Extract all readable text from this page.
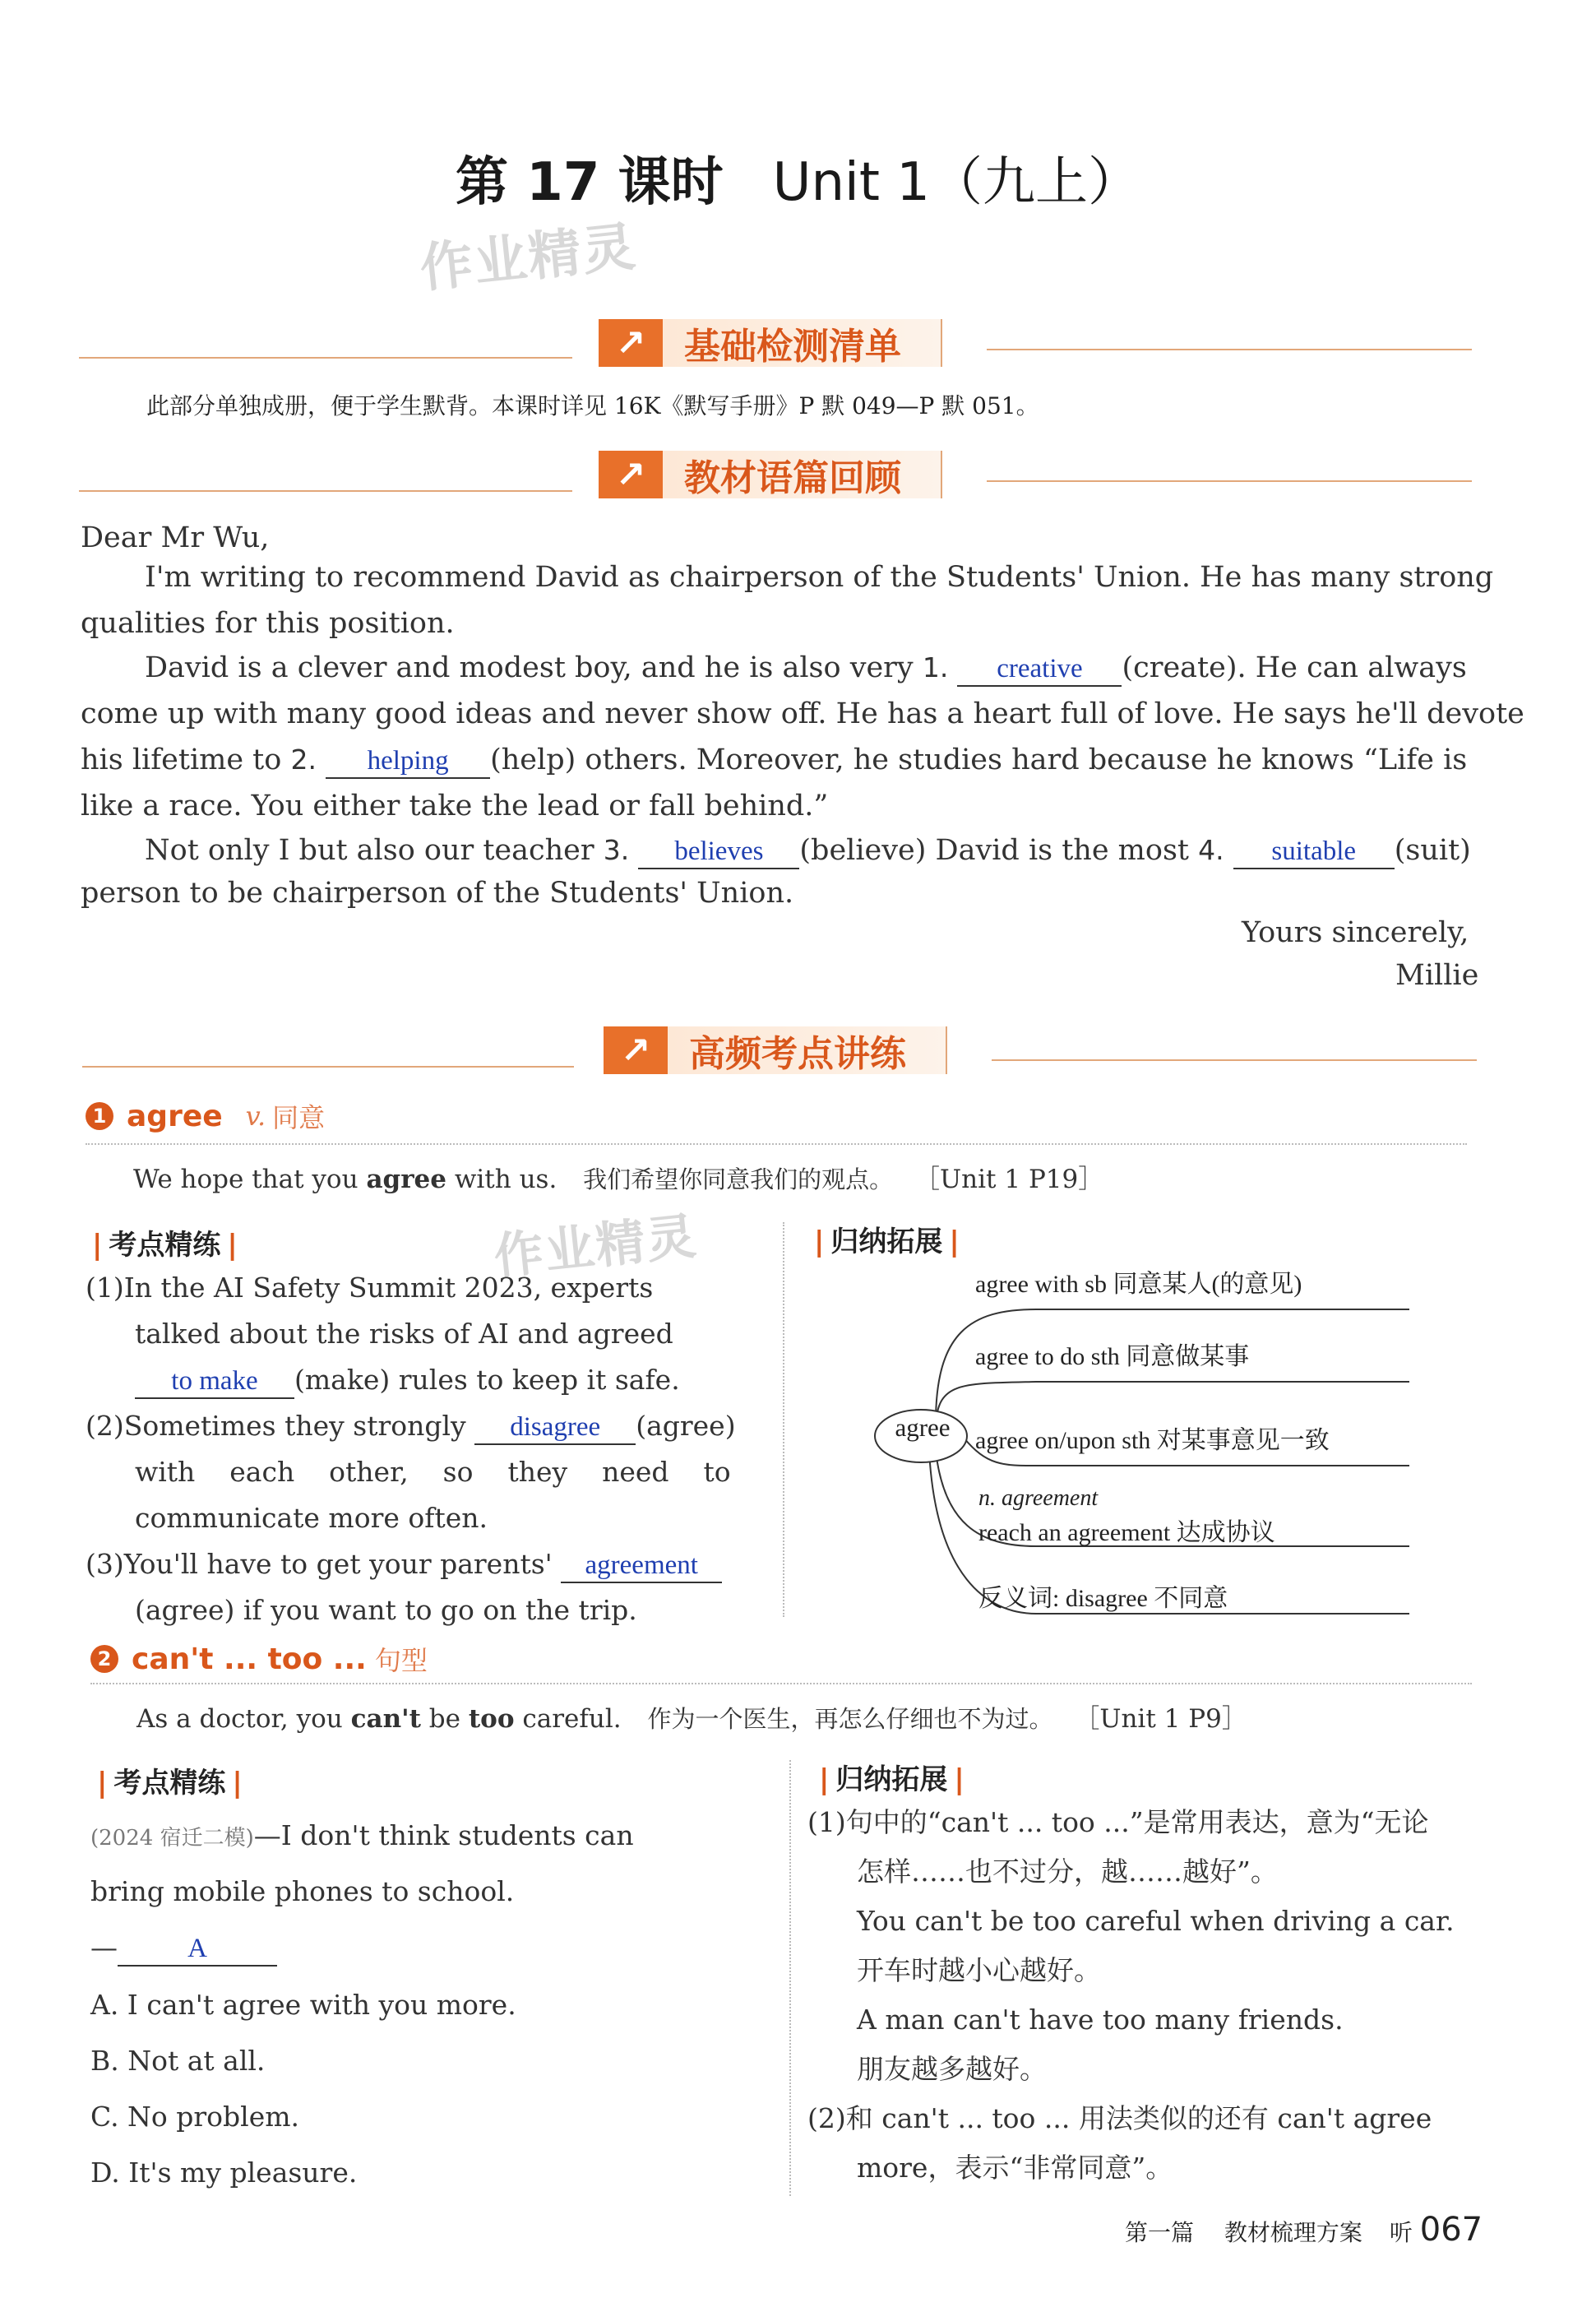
第 17 课时 Unit 1（九上）
作业精灵
↗	基础检测清单
此部分单独成册，便于学生默背。本课时详见 16K《默写手册》P 默 049—P 默 051。
↗	教材语篇回顾
Dear Mr Wu,
I'm writing to recommend David as chairperson of the Students' Union. He has many strong
qualities for this position.
David is a clever and modest boy, and he is also very 1. creative (create). He can always
come up with many good ideas and never show off. He has a heart full of love. He says he'll devote
his lifetime to 2. helping (help) others. Moreover, he studies hard because he knows “Life is
like a race. You either take the lead or fall behind.”
Not only I but also our teacher 3. believes (believe) David is the most 4. suitable (suit)
person to be chairperson of the Students' Union.
Yours sincerely,
Millie
↗	高频考点讲练
1 agree v. 同意
We hope that you agree with us. 我们希望你同意我们的观点。 ［Unit 1 P19］
| 考点精练 |	作业精灵
(1)In the AI Safety Summit 2023, experts
talked about the risks of AI and agreed
to make (make) rules to keep it safe.
(2)Sometimes they strongly disagree (agree)
with    each    other,    so    they    need    to
communicate more often.
(3)You'll have to get your parents' agreement
(agree) if you want to go on the trip.
| 归纳拓展 |
agree
agree with sb 同意某人(的意见)
agree to do sth 同意做某事
agree on/upon sth 对某事意见一致
n. agreement
reach an agreement 达成协议
反义词: disagree 不同意
2 can't ... too ... 句型
As a doctor, you can't be too careful. 作为一个医生，再怎么仔细也不为过。 ［Unit 1 P9］
| 考点精练 |
(2024 宿迁二模)—I don't think students can
bring mobile phones to school.
—	A
A. I can't agree with you more.
B. Not at all.
C. No problem.
D. It's my pleasure.
| 归纳拓展 |
(1)句中的“can't ... too ...”是常用表达，意为“无论
怎样……也不过分，越……越好”。
You can't be too careful when driving a car.
开车时越小心越好。
A man can't have too many friends.
朋友越多越好。
(2)和 can't ... too ... 用法类似的还有 can't agree
more，表示“非常同意”。
第一篇 教材梳理方案 听 067
